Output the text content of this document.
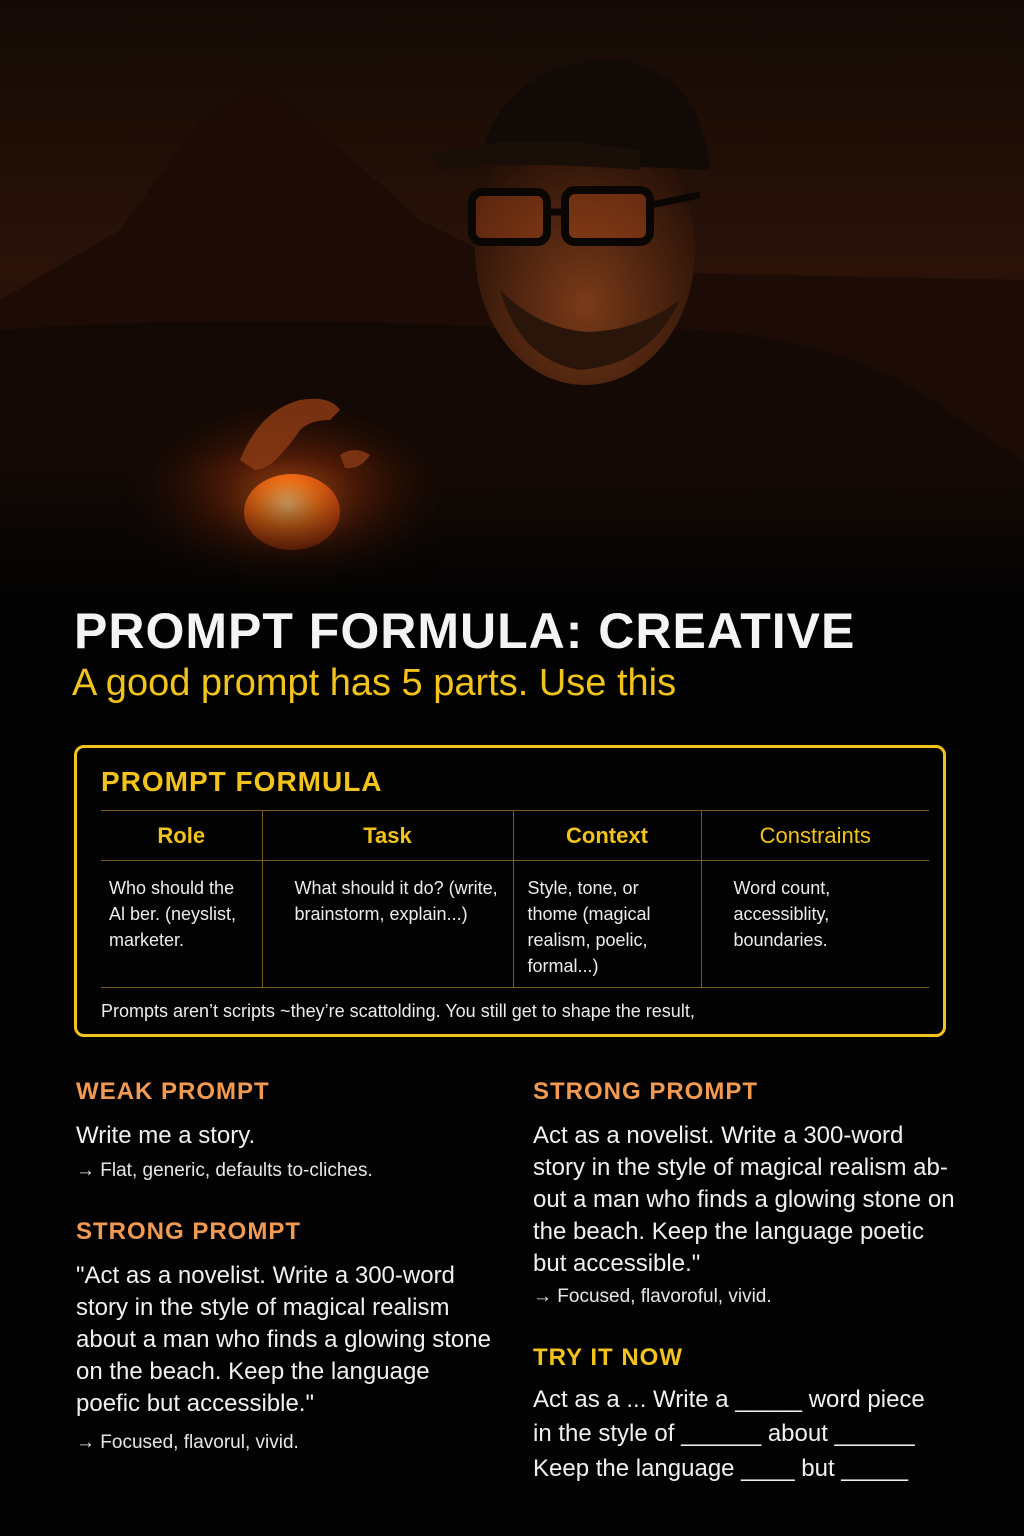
PROMPT FORMULA: CREATIVE

A good prompt has 5 parts. Use this

PROMPT FORMULA
Role	Task	Context	Constraints
Who should the Al ber. (neyslist, marketer.	What should it do? (write, brainstorm, explain...)	Style, tone, or thome (magical realism, poelic, formal...)	Word count, accessiblity, boundaries.

Prompts aren’t scripts ~they’re scattolding. You still get to shape the result,

WEAK PROMPT

Write me a story.

→ Flat, generic, defaults to-cliches.

STRONG PROMPT

"Act as a novelist. Write a 300-word story in the style of magical realism about a man who finds a glowing stone on the beach. Keep the language poefic but accessible."

→ Focused, flavorul, vivid.

STRONG PROMPT

Act as a novelist. Write a 300-word story in the style of magical realism ab-out a man who finds a glowing stone on the beach. Keep the language poetic but accessible."

→ Focused, flavoroful, vivid.

TRY IT NOW

Act as a ... Write a _____ word piece

in the style of ______ about ______

Keep the language ____ but _____
